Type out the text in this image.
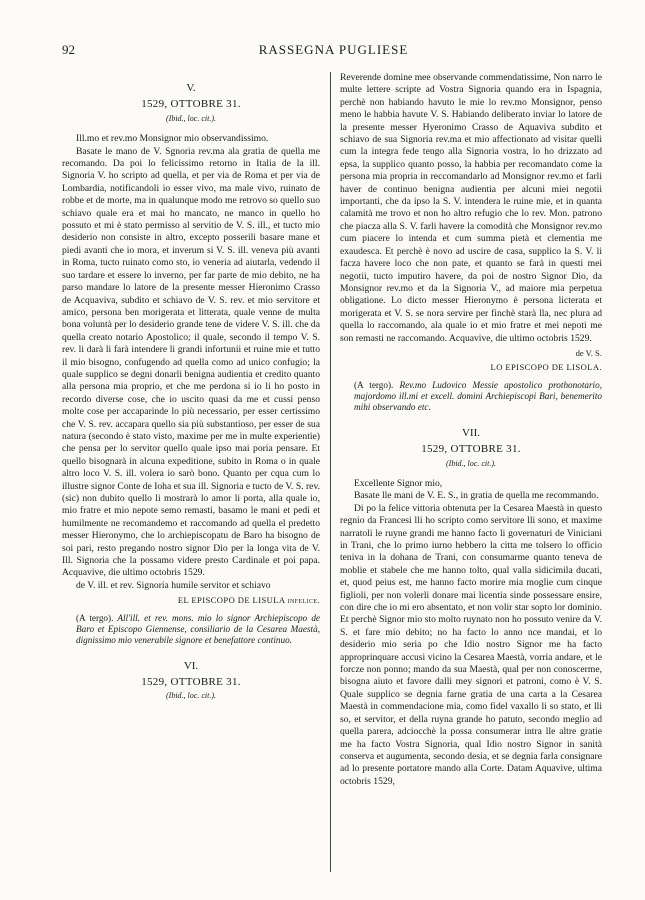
92	RASSEGNA PUGLIESE
V.
1529, OTTOBRE 31.
(Ibid., loc. cit.).

Ill.mo et rev.mo Monsignor mio observandissimo.

Basate le mano de V. Sgnoria rev.ma ala gratia de quella me recomando. Da poi lo felicissimo retorno in Italia de la ill. Signoria V. ho scripto ad quella, et per via de Roma et per via de Lombardia, notificandoli io esser vivo, ma male vivo, ruinato de robbe et de morte, ma in qualunque modo me retrovo so quello suo schiavo quale era et mai ho mancato, ne manco in quello ho possuto et mi è stato permisso al servitio de V. S. ill., et tucto mio desiderio non consiste in altro, excepto posserili basare mane et piedi avanti che io mora, et inverum si V. S. ill. veneva più avanti in Roma, tucto ruinato como sto, io veneria ad aiutarla, vedendo il suo tardare et essere lo inverno, per far parte de mio debito, ne ha parso mandare lo latore de la presente messer Hieronimo Crasso de Acquaviva, subdito et schiavo de V. S. rev. et mio servitore et amico, persona ben morigerata et litterata, quale venne de multa bona voluntà per lo desiderio grande tene de videre V. S. ill. che da quella creato notario Apostolico; il quale, secondo il tempo V. S. rev. li darà li farà intendere li grandi infortunii et ruine mie et tutto il mio bisogno, confugendo ad quella como ad unico confugio; la quale supplico se degni donarli benigna audientia et credito quanto alla persona mia proprio, et che me perdona si io li ho posto in recordo diverse cose, che io uscito quasi da me et cussi penso molte cose per accaparinde lo più necessario, per esser certissimo che V. S. rev. accapara quello sia più substantioso, per esser de sua natura (secondo è stato visto, maxime per me in multe experientie) che pensa per lo servitor quello quale ipso mai poria pensare. Et quello bisognarà in alcuna expeditione, subito in Roma o in quale altro loco V. S. ill. volera io sarò bono. Quanto per cqua cum lo illustre signor Conte de Ioha et sua ill. Signoria e tucto de V. S. rev. (sic) non dubito quello li mostrarà lo amor li porta, alla quale io, mio fratre et mio nepote semo remasti, basamo le mani et pedi et humilmente ne recomandemo et raccomando ad quella el predetto messer Hieronymo, che lo archiepiscopatu de Baro ha bisogno de soi pari, resto pregando nostro signor Dio per la longa vita de V. Ill. Signoria che la possamo videre presto Cardinale et poi papa. Acquavive, die ultimo octobris 1529.

de V. ill. et rev. Signoria humile servitor et schiavo

EL EPISCOPO DE LISULA infelice.

(A tergo). All'ill. et rev. mons. mio lo signor Archiepiscopo de Baro et Episcopo Giennense, consiliario de la Cesarea Maestà, dignissimo mio venerabile signore et benefattore continuo.

VI.
1529, OTTOBRE 31.
(Ibid., loc. cit.).

Reverende domine mee observande commendatissime, Non narro le multe lettere scripte ad Vostra Signoria quando era in Ispagnia, perchè non habiando havuto le mie lo rev.mo Monsignor, penso meno le habbia havute V. S. Habiando deliberato inviar lo latore de la presente messer Hyeronimo Crasso de Aquaviva subdito et schiavo de sua Signoria rev.ma et mio affectionato ad visitar quelli cum la integra fede tengo alla Signoria vostra, lo ho drizzato ad epsa, la supplico quanto posso, la habbia per recomandato come la persona mia propria in reccomandarlo ad Monsignor rev.mo et farli haver de continuo benigna audientia per alcuni miei negotii importanti, che da ipso la S. V. intendera le ruine mie, et in quanta calamità me trovo et non ho altro refugio che lo rev. Mon. patrono che piacza alla S. V. farli havere la comodità che Monsignor rev.mo cum piacere lo intenda et cum summa pietà et clementia me exaudesca. Et perchè è novo ad uscire de casa, supplico la S. V. li facza havere loco che non pate, et quanto se farà in questi mei negotii, tucto imputiro havere, da poi de nostro Signor Dio, da Monsignor rev.mo et da la Signoria V., ad maiore mia perpetua obligatione. Lo dicto messer Hieronymo è persona licterata et morigerata et V. S. se nora servire per finchè starà lla, nec plura ad quella lo raccomando, ala quale io et mio fratre et mei nepoti me son remasti ne raccomando. Acquavive, die ultimo octobris 1529.

de V. S.
LO EPISCOPO DE LISOLA.

(A tergo). Rev.mo Ludovico Messie apostolico prothonotario, majordomo ill.mi et excell. domini Archiepiscopi Bari, benemerito mihi observando etc.

VII.
1529, OTTOBRE 31.
(Ibid., loc. cit.).

Excellente Signor mio,

Basate lle mani de V. E. S., in gratia de quella me recommando.

Di po la felice vittoria obtenuta per la Cesarea Maestà in questo regnio da Francesi lli ho scripto como servitore lli sono, et maxime narratoli le ruyne grandi me hanno facto li governaturi de Viniciani in Trani, che lo primo iurno hebbero la citta me tolsero lo officio teniva in la dohana de Trani, con consumarme quanto teneva de moblie et stabele che me hanno tolto, qual valla sidicimila ducati, et, quod peius est, me hanno facto morire mia moglie cum cinque figlioli, per non volerli donare mai licentia sinde possessare ensire, con dire che io mi ero absentato, et non volir star sopto lor dominio. Et perchè Signor mio sto molto ruynato non ho possuto venire da V. S. et fare mio debito; no ha facto lo anno nce mandai, et lo desiderio mio seria po che Idio nostro Signor me ha facto approprinquare accusi vicino la Cesarea Maestà, vorria andare, et le forcze non ponno; mando da sua Maestà, qual per non conoscerme, bisogna aiuto et favore dalli mey signori et patroni, como è V. S. Quale supplico se degnia farne gratia de una carta a la Cesarea Maestà in commendacione mia, como fidel vaxallo li so stato, et lli so, et servitor, et della ruyna grande ho patuto, secondo meglio ad quella parera, adciocchè la possa consumerar intra lle altre gratie me ha facto Vostra Signoria, qual Idio nostro Signor in sanità conserva et augumenta, secondo desia, et se degnia farla consignare ad lo presente portatore mando alla Corte. Datam Aquavive, ultima octobris 1529,
